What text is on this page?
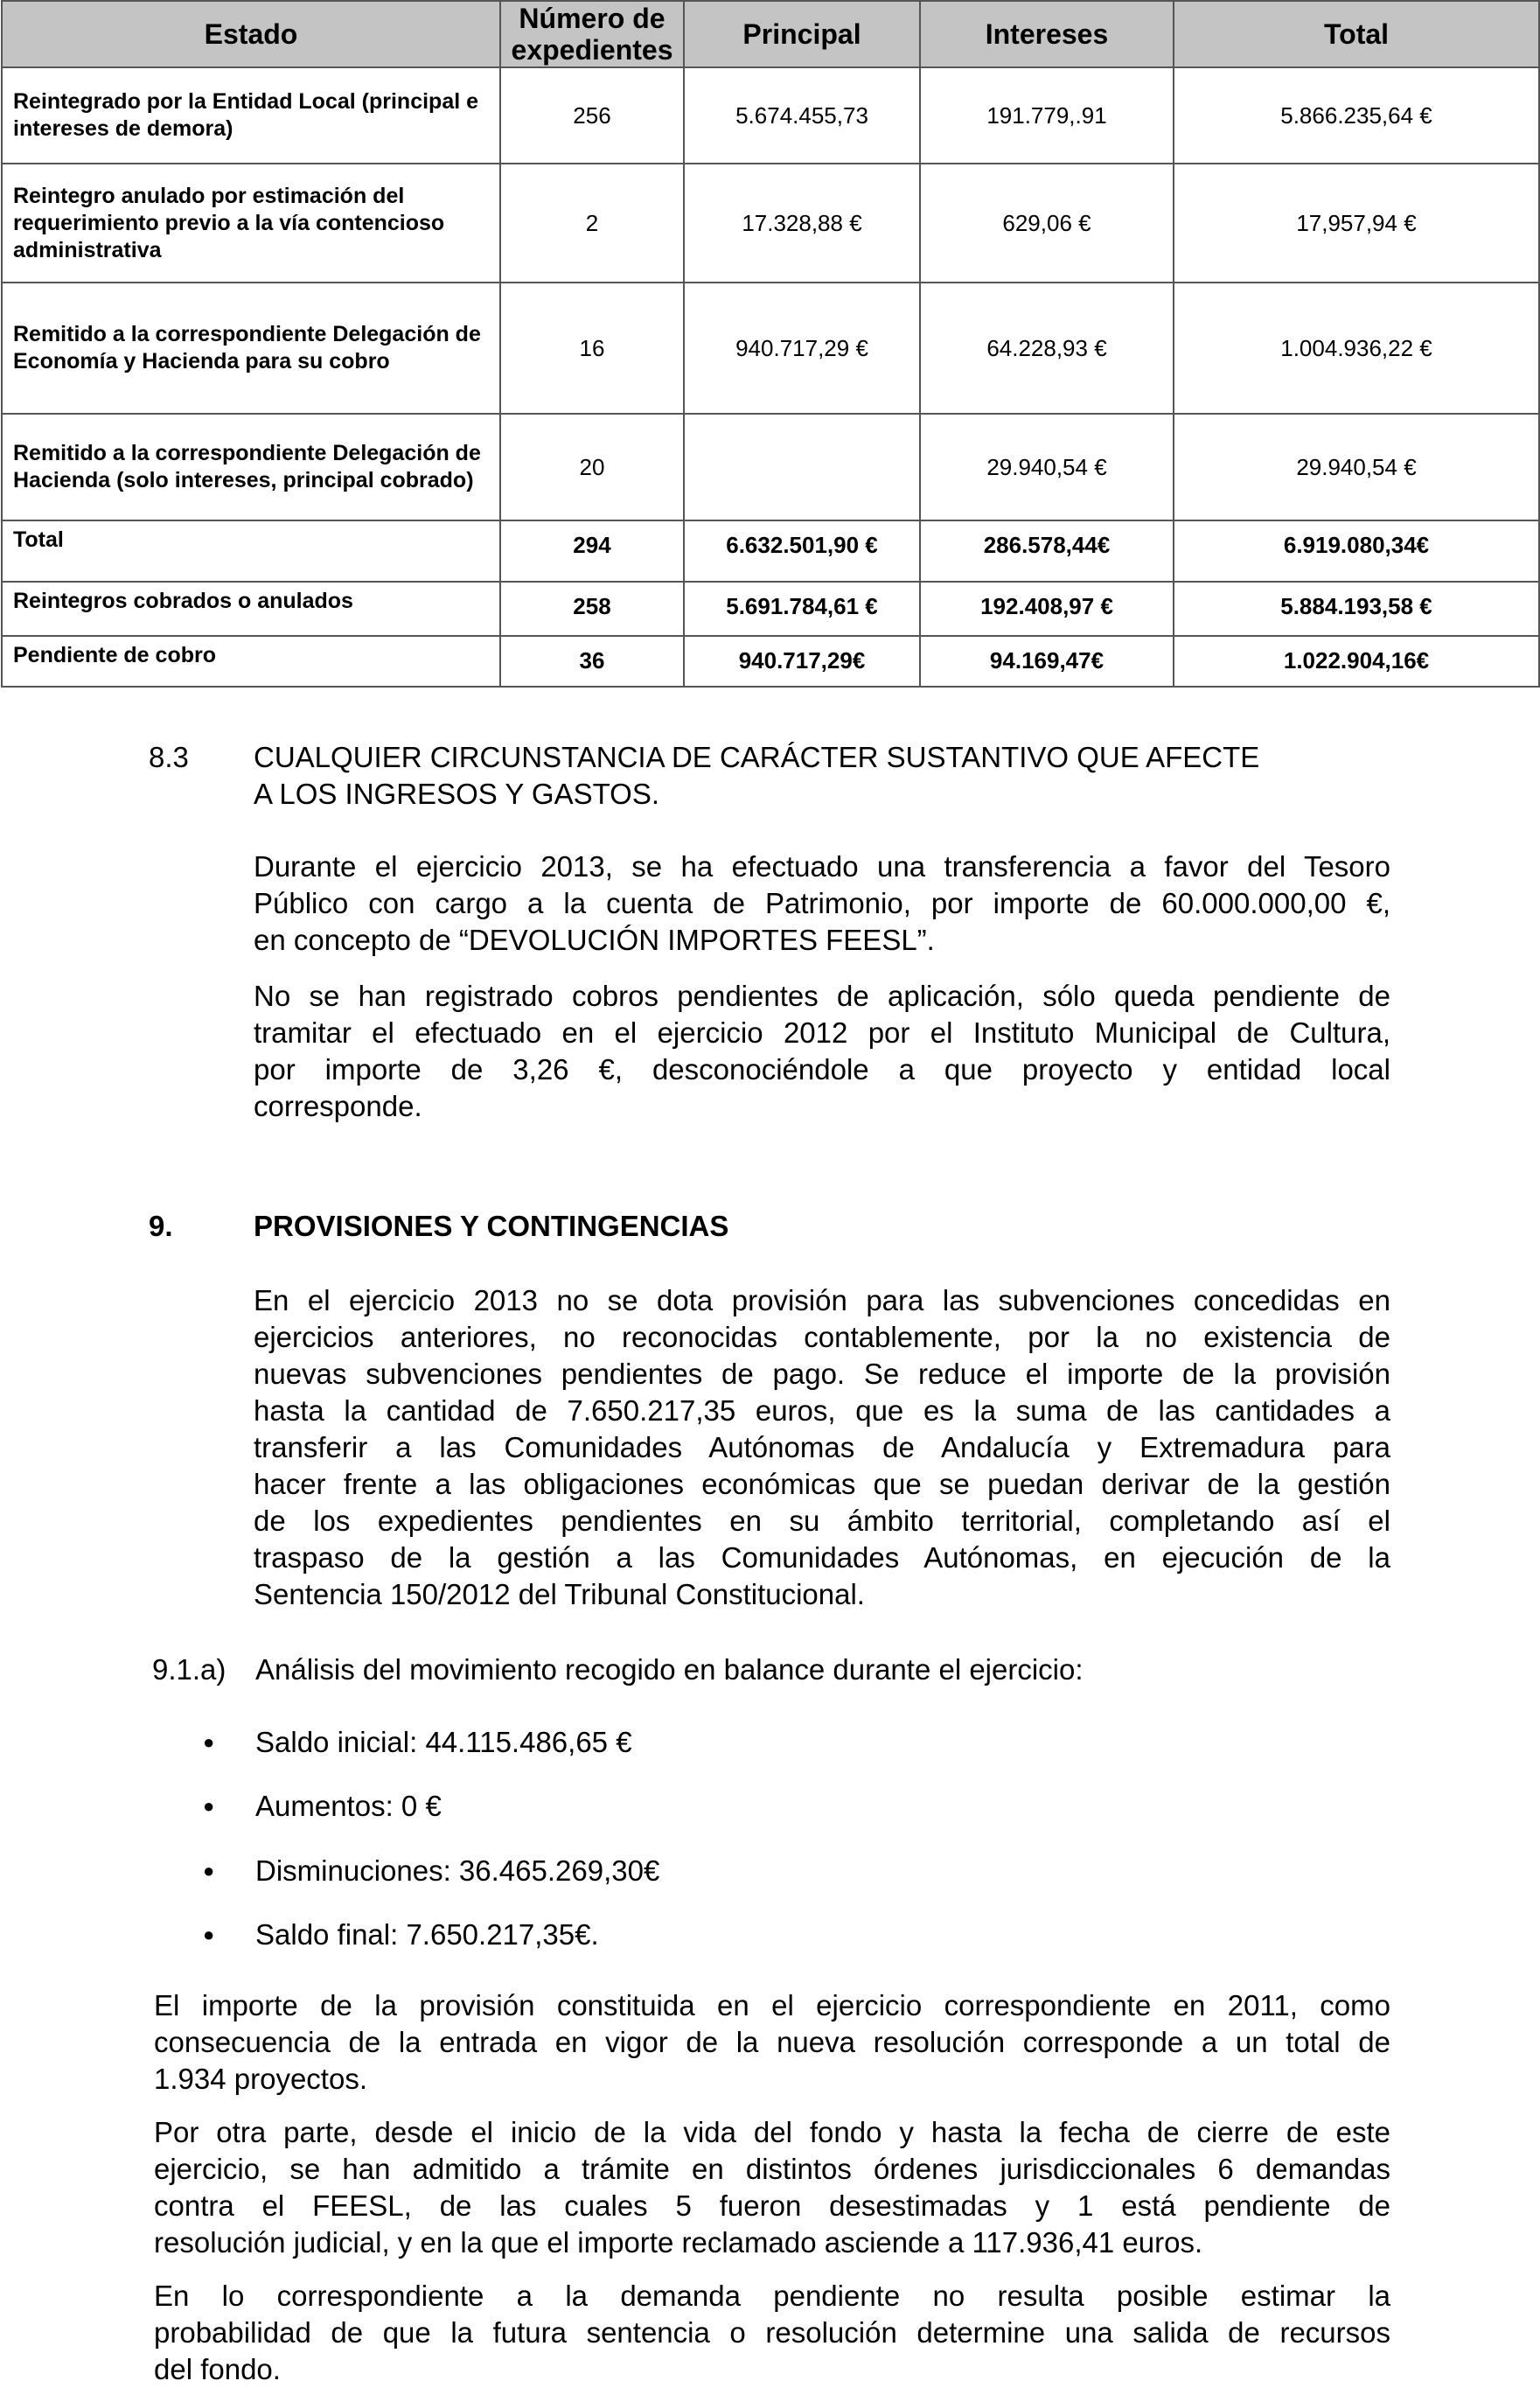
Estado	Número de expedientes	Principal	Intereses	Total
Reintegrado por la Entidad Local (principal e intereses de demora)	256	5.674.455,73	191.779,.91	5.866.235,64 €
Reintegro anulado por estimación del requerimiento previo a la vía contencioso administrativa	2	17.328,88 €	629,06 €	17,957,94 €
Remitido a la correspondiente Delegación de Economía y Hacienda para su cobro	16	940.717,29 €	64.228,93 €	1.004.936,22 €
Remitido a la correspondiente Delegación de Hacienda (solo intereses, principal cobrado)	20		29.940,54 €	29.940,54 €
Total	294	6.632.501,90 €	286.578,44€	6.919.080,34€
Reintegros cobrados o anulados	258	5.691.784,61 €	192.408,97 €	5.884.193,58 €
Pendiente de cobro	36	940.717,29€	94.169,47€	1.022.904,16€
8.3 CUALQUIER CIRCUNSTANCIA DE CARÁCTER SUSTANTIVO QUE AFECTE
A LOS INGRESOS Y GASTOS.

Durante el ejercicio 2013, se ha efectuado una transferencia a favor del Tesoro

Público con cargo a la cuenta de Patrimonio, por importe de 60.000.000,00 €,

en concepto de “DEVOLUCIÓN IMPORTES FEESL”.

No se han registrado cobros pendientes de aplicación, sólo queda pendiente de

tramitar el efectuado en el ejercicio 2012 por el Instituto Municipal de Cultura,

por importe de 3,26 €, desconociéndole a que proyecto y entidad local

corresponde.

9.	PROVISIONES Y CONTINGENCIAS

En el ejercicio 2013 no se dota provisión para las subvenciones concedidas en

ejercicios anteriores, no reconocidas contablemente, por la no existencia de

nuevas subvenciones pendientes de pago. Se reduce el importe de la provisión

hasta la cantidad de 7.650.217,35 euros, que es la suma de las cantidades a

transferir a las Comunidades Autónomas de Andalucía y Extremadura para

hacer frente a las obligaciones económicas que se puedan derivar de la gestión

de los expedientes pendientes en su ámbito territorial, completando así el

traspaso de la gestión a las Comunidades Autónomas, en ejecución de la

Sentencia 150/2012 del Tribunal Constitucional.

9.1.a) Análisis del movimiento recogido en balance durante el ejercicio:
● Saldo inicial: 44.115.486,65 €
● Aumentos: 0 €
● Disminuciones: 36.465.269,30€
● Saldo final: 7.650.217,35€.

El importe de la provisión constituida en el ejercicio correspondiente en 2011, como

consecuencia de la entrada en vigor de la nueva resolución corresponde a un total de

1.934 proyectos.

Por otra parte, desde el inicio de la vida del fondo y hasta la fecha de cierre de este

ejercicio, se han admitido a trámite en distintos órdenes jurisdiccionales 6 demandas

contra el FEESL, de las cuales 5 fueron desestimadas y 1 está pendiente de

resolución judicial, y en la que el importe reclamado asciende a 117.936,41 euros.

En lo correspondiente a la demanda pendiente no resulta posible estimar la

probabilidad de que la futura sentencia o resolución determine una salida de recursos

del fondo.
